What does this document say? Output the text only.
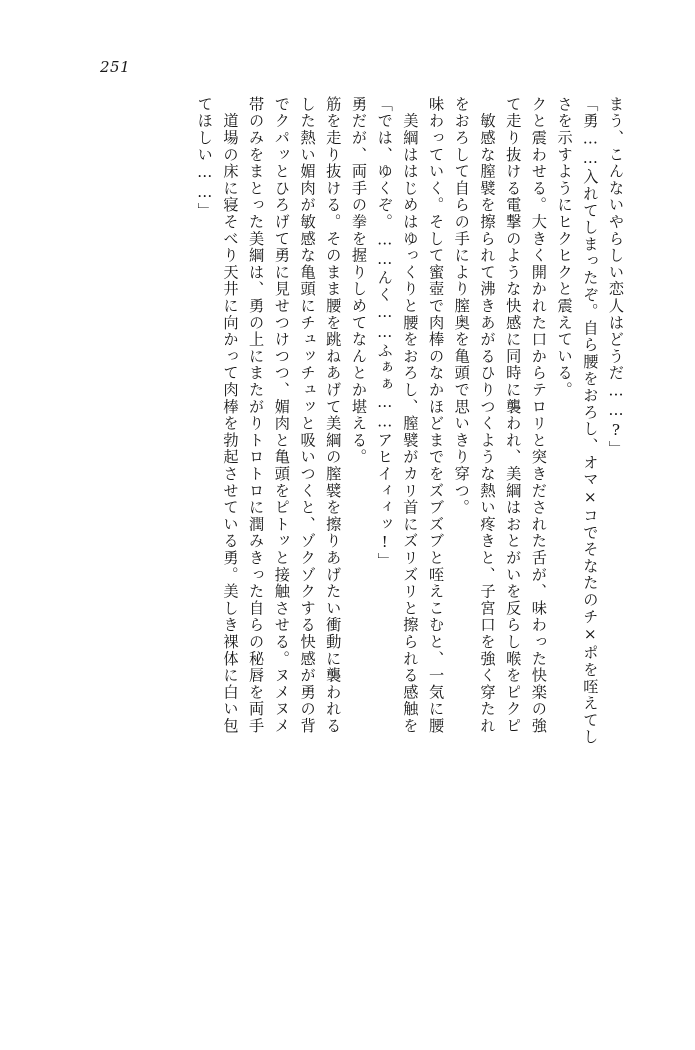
251
てほしい……」 　道場の床に寝そべり天井に向かって肉棒を勃起させている勇。美しき裸体に白い包 帯のみをまとった美綱は、勇の上にまたがりトロトロに潤みきった自らの秘唇を両手 でクパッとひろげて勇に見せつけつつ、媚肉と亀頭をピトッと接触させる。ヌメヌメ した熱い媚肉が敏感な亀頭にチュッチュッと吸いつくと、ゾクゾクする快感が勇の背 筋を走り抜ける。そのまま腰を跳ねあげて美綱の膣襞を擦りあげたい衝動に襲われる 勇だが、両手の拳を握りしめてなんとか堪える。 「では、ゆくぞ。……んく……ふぁぁ……アヒイィィッ!」 　美綱ははじめはゆっくりと腰をおろし、膣襞がカリ首にズリズリと擦られる感触を 味わっていく。そして蜜壺で肉棒のなかほどまでをズブズブと咥えこむと、一気に腰 をおろして自らの手により膣奥を亀頭で思いきり穿つ。 　敏感な膣襞を擦られて沸きあがるひりつくような熱い疼きと、子宮口を強く穿たれ て走り抜ける電撃のような快感に同時に襲われ、美綱はおとがいを反らし喉をピクピ クと震わせる。大きく開かれた口からテロリと突きだされた舌が、味わった快楽の強 さを示すようにヒクヒクと震えている。 「勇……入れてしまったぞ。自ら腰をおろし、オマ×コでそなたのチ×ポを咥えてし まう、こんないやらしい恋人はどうだ……?」
